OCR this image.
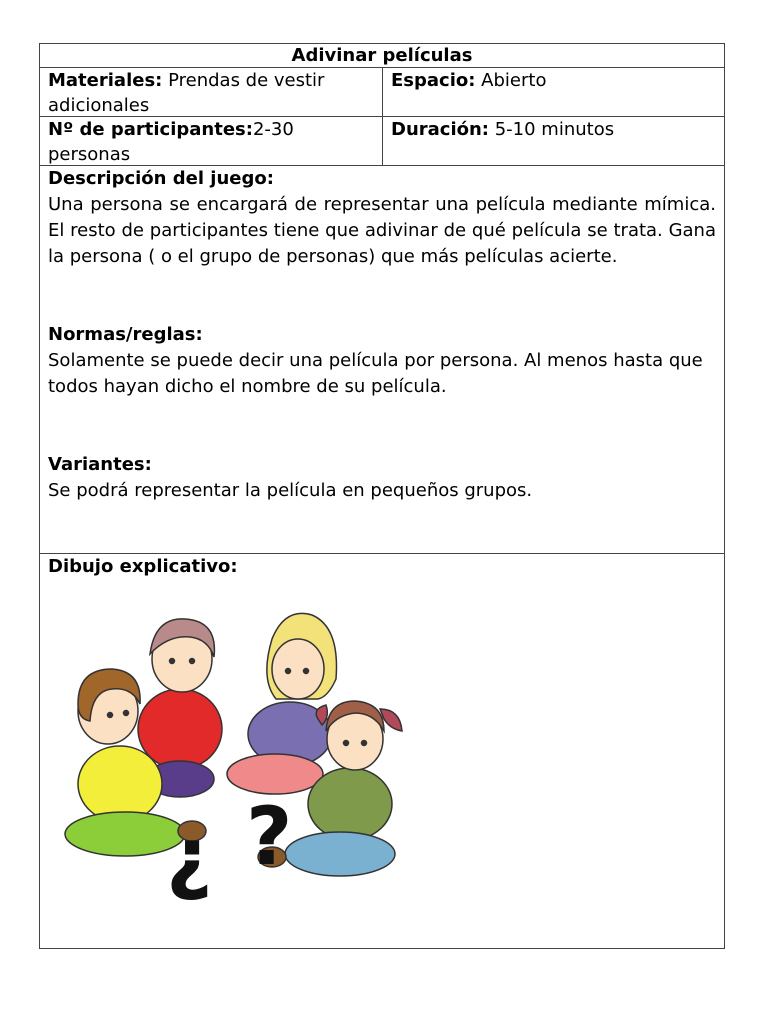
Adivinar películas
Materiales: Prendas de vestir adicionales
Espacio: Abierto
Nº de participantes:2-30 personas
Duración: 5-10 minutos

Descripción del juego:

Una persona se encargará de representar una película mediante mímica. El resto de participantes tiene que adivinar de qué película se trata. Gana la persona ( o el grupo de personas) que más películas acierte.

Normas/reglas:

Solamente se puede decir una película por persona. Al menos hasta que todos hayan dicho el nombre de su película.

Variantes:

Se podrá representar la película en pequeños grupos.

Dibujo explicativo:
¿ ?
